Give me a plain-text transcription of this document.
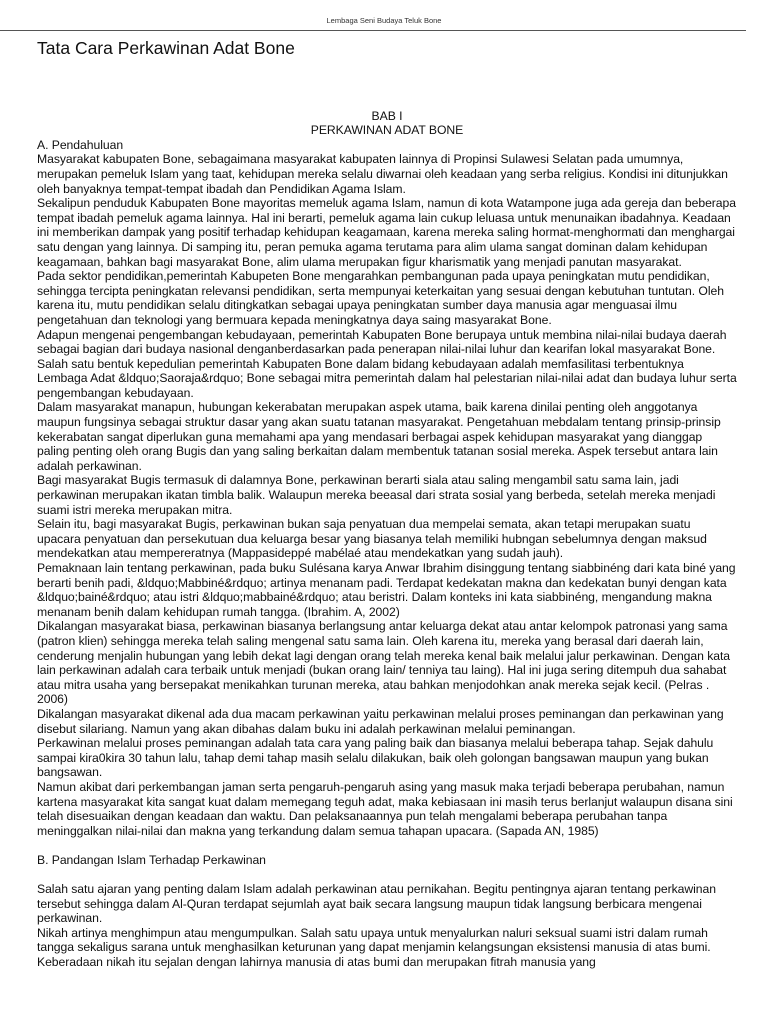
Lembaga Seni Budaya Teluk Bone
Tata Cara Perkawinan Adat Bone

BAB I

PERKAWINAN ADAT BONE

A. Pendahuluan

Masyarakat kabupaten Bone, sebagaimana masyarakat kabupaten lainnya di Propinsi Sulawesi Selatan pada umumnya, merupakan pemeluk Islam yang taat, kehidupan mereka selalu diwarnai oleh keadaan yang serba religius. Kondisi ini ditunjukkan oleh banyaknya tempat-tempat ibadah dan Pendidikan Agama Islam.

Sekalipun penduduk Kabupaten Bone mayoritas memeluk agama Islam, namun di kota Watampone juga ada gereja dan beberapa tempat ibadah pemeluk agama lainnya. Hal ini berarti, pemeluk agama lain cukup leluasa untuk menunaikan ibadahnya. Keadaan ini memberikan dampak yang positif terhadap kehidupan keagamaan, karena mereka saling hormat-menghormati dan menghargai satu dengan yang lainnya. Di samping itu, peran pemuka agama terutama para alim ulama sangat dominan dalam kehidupan keagamaan, bahkan bagi masyarakat Bone, alim ulama merupakan figur kharismatik yang menjadi panutan masyarakat.

Pada sektor pendidikan,pemerintah Kabupeten Bone mengarahkan pembangunan pada upaya peningkatan mutu pendidikan, sehingga tercipta peningkatan relevansi pendidikan, serta mempunyai keterkaitan yang sesuai dengan kebutuhan tuntutan. Oleh karena itu, mutu pendidikan selalu ditingkatkan sebagai upaya peningkatan sumber daya manusia agar menguasai ilmu pengetahuan dan teknologi yang bermuara kepada meningkatnya daya saing masyarakat Bone.

Adapun mengenai pengembangan kebudayaan, pemerintah Kabupaten Bone berupaya untuk membina nilai-nilai budaya daerah sebagai bagian dari budaya nasional denganberdasarkan pada penerapan nilai-nilai luhur dan kearifan lokal masyarakat Bone.

Salah satu bentuk kepedulian pemerintah Kabupaten Bone dalam bidang kebudayaan adalah memfasilitasi terbentuknya Lembaga Adat &ldquo;Saoraja&rdquo; Bone sebagai mitra pemerintah dalam hal pelestarian nilai-nilai adat dan budaya luhur serta pengembangan kebudayaan.

Dalam masyarakat manapun, hubungan kekerabatan merupakan aspek utama, baik karena dinilai penting oleh anggotanya maupun fungsinya sebagai struktur dasar yang akan suatu tatanan masyarakat. Pengetahuan mebdalam tentang prinsip-prinsip kekerabatan sangat diperlukan guna memahami apa yang mendasari berbagai aspek kehidupan masyarakat yang dianggap paling penting oleh orang Bugis dan yang saling berkaitan dalam membentuk tatanan sosial mereka. Aspek tersebut antara lain adalah perkawinan.

Bagi masyarakat Bugis termasuk di dalamnya Bone, perkawinan berarti siala atau saling mengambil satu sama lain, jadi perkawinan merupakan ikatan timbla balik. Walaupun mereka beeasal dari strata sosial yang berbeda, setelah mereka menjadi suami istri mereka merupakan mitra.

Selain itu, bagi masyarakat Bugis, perkawinan bukan saja penyatuan dua mempelai semata, akan tetapi merupakan suatu upacara penyatuan dan persekutuan dua keluarga besar yang biasanya telah memiliki hubngan sebelumnya dengan maksud mendekatkan atau mempereratnya (Mappasideppé mabélaé atau mendekatkan yang sudah jauh).

Pemaknaan lain tentang perkawinan, pada buku Sulésana karya Anwar Ibrahim disinggung tentang siabbinéng dari kata biné yang berarti benih padi, &ldquo;Mabbiné&rdquo; artinya menanam padi. Terdapat kedekatan makna dan kedekatan bunyi dengan kata &ldquo;bainé&rdquo; atau istri &ldquo;mabbainé&rdquo; atau beristri. Dalam konteks ini kata siabbinéng, mengandung makna menanam benih dalam kehidupan rumah tangga. (Ibrahim. A, 2002)

Dikalangan masyarakat biasa, perkawinan biasanya berlangsung antar keluarga dekat atau antar kelompok patronasi yang sama (patron klien) sehingga mereka telah saling mengenal satu sama lain. Oleh karena itu, mereka yang berasal dari daerah lain, cenderung menjalin hubungan yang lebih dekat lagi dengan orang telah mereka kenal baik melalui jalur perkawinan. Dengan kata lain perkawinan adalah cara terbaik untuk menjadi (bukan orang lain/ tenniya tau laing). Hal ini juga sering ditempuh dua sahabat atau mitra usaha yang bersepakat menikahkan turunan mereka, atau bahkan menjodohkan anak mereka sejak kecil. (Pelras . 2006)

Dikalangan masyarakat dikenal ada dua macam perkawinan yaitu perkawinan melalui proses peminangan dan perkawinan yang disebut silariang. Namun yang akan dibahas dalam buku ini adalah perkawinan melalui peminangan.

Perkawinan melalui proses peminangan adalah tata cara yang paling baik dan biasanya melalui beberapa tahap. Sejak dahulu sampai kira0kira 30 tahun lalu, tahap demi tahap masih selalu dilakukan, baik oleh golongan bangsawan maupun yang bukan bangsawan.

Namun akibat dari perkembangan jaman serta pengaruh-pengaruh asing yang masuk maka terjadi beberapa perubahan, namun kartena masyarakat kita sangat kuat dalam memegang teguh adat, maka kebiasaan ini masih terus berlanjut walaupun disana sini telah disesuaikan dengan keadaan dan waktu. Dan pelaksanaannya pun telah mengalami beberapa perubahan tanpa meninggalkan nilai-nilai dan makna yang terkandung dalam semua tahapan upacara. (Sapada AN, 1985)

B. Pandangan Islam Terhadap Perkawinan

Salah satu ajaran yang penting dalam Islam adalah perkawinan atau pernikahan. Begitu pentingnya ajaran tentang perkawinan tersebut sehingga dalam Al-Quran terdapat sejumlah ayat baik secara langsung maupun tidak langsung berbicara mengenai perkawinan.

Nikah artinya menghimpun atau mengumpulkan. Salah satu upaya untuk menyalurkan naluri seksual suami istri dalam rumah tangga sekaligus sarana untuk menghasilkan keturunan yang dapat menjamin kelangsungan eksistensi manusia di atas bumi. Keberadaan nikah itu sejalan dengan lahirnya manusia di atas bumi dan merupakan fitrah manusia yang
